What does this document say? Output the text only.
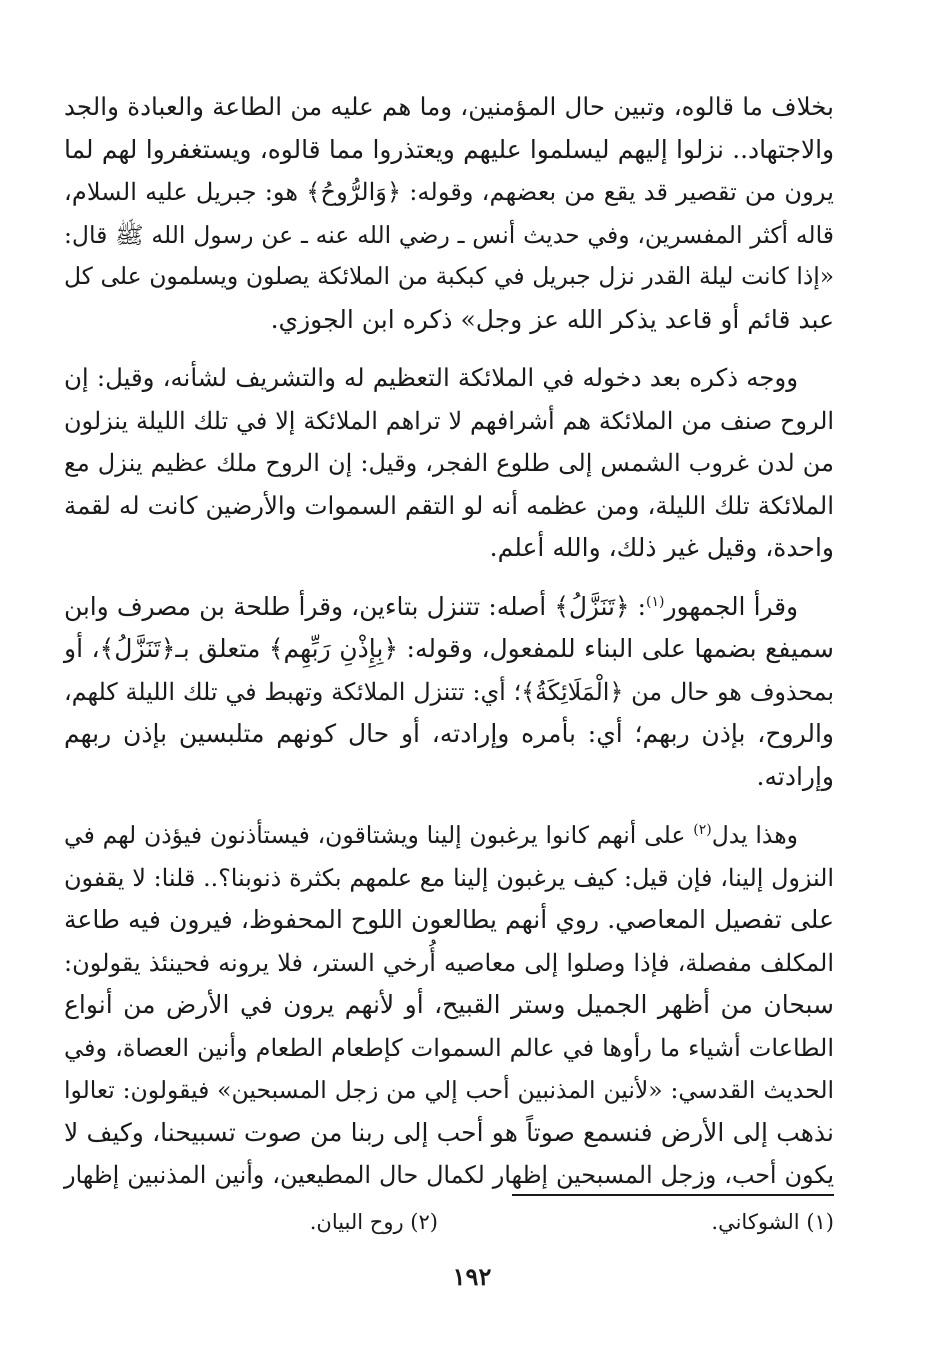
بخلاف ما قالوه، وتبين حال المؤمنين، وما هم عليه من الطاعة والعبادة والجد
والاجتهاد.. نزلوا إليهم ليسلموا عليهم ويعتذروا مما قالوه، ويستغفروا لهم لما
يرون من تقصير قد يقع من بعضهم، وقوله: ﴿وَالرُّوحُ﴾ هو: جبريل عليه السلام،
قاله أكثر المفسرين، وفي حديث أنس ـ رضي الله عنه ـ عن رسول الله ﷺ قال:
«إذا كانت ليلة القدر نزل جبريل في كبكبة من الملائكة يصلون ويسلمون على كل
عبد قائم أو قاعد يذكر الله عز وجل» ذكره ابن الجوزي.

ووجه ذكره بعد دخوله في الملائكة التعظيم له والتشريف لشأنه، وقيل: إن
الروح صنف من الملائكة هم أشرافهم لا تراهم الملائكة إلا في تلك الليلة ينزلون
من لدن غروب الشمس إلى طلوع الفجر، وقيل: إن الروح ملك عظيم ينزل مع
الملائكة تلك الليلة، ومن عظمه أنه لو التقم السموات والأرضين كانت له لقمة
واحدة، وقيل غير ذلك، والله أعلم.

وقرأ الجمهور$^{(١)}$: ﴿تَنَزَّلُ﴾ أصله: تتنزل بتاءين، وقرأ طلحة بن مصرف وابن
سميفع بضمها على البناء للمفعول، وقوله: ﴿بِإِذْنِ رَبِّهِم﴾ متعلق بـ﴿تَنَزَّلُ﴾، أو
بمحذوف هو حال من ﴿الْمَلَائِكَةُ﴾؛ أي: تتنزل الملائكة وتهبط في تلك الليلة كلهم،
والروح، بإذن ربهم؛ أي: بأمره وإرادته، أو حال كونهم متلبسين بإذن ربهم
وإرادته.

وهذا يدل$^{(٢)}$ على أنهم كانوا يرغبون إلينا ويشتاقون، فيستأذنون فيؤذن لهم في
النزول إلينا، فإن قيل: كيف يرغبون إلينا مع علمهم بكثرة ذنوبنا؟.. قلنا: لا يقفون
على تفصيل المعاصي. روي أنهم يطالعون اللوح المحفوظ، فيرون فيه طاعة
المكلف مفصلة، فإذا وصلوا إلى معاصيه أُرخي الستر، فلا يرونه فحينئذ يقولون:
سبحان من أظهر الجميل وستر القبيح، أو لأنهم يرون في الأرض من أنواع
الطاعات أشياء ما رأوها في عالم السموات كإطعام الطعام وأنين العصاة، وفي
الحديث القدسي: «لأنين المذنبين أحب إلي من زجل المسبحين» فيقولون: تعالوا
نذهب إلى الأرض فنسمع صوتاً هو أحب إلى ربنا من صوت تسبيحنا، وكيف لا
يكون أحب، وزجل المسبحين إظهار لكمال حال المطيعين، وأنين المذنبين إظهار

(١) الشوكاني.
(٢) روح البيان.
١٩٢
